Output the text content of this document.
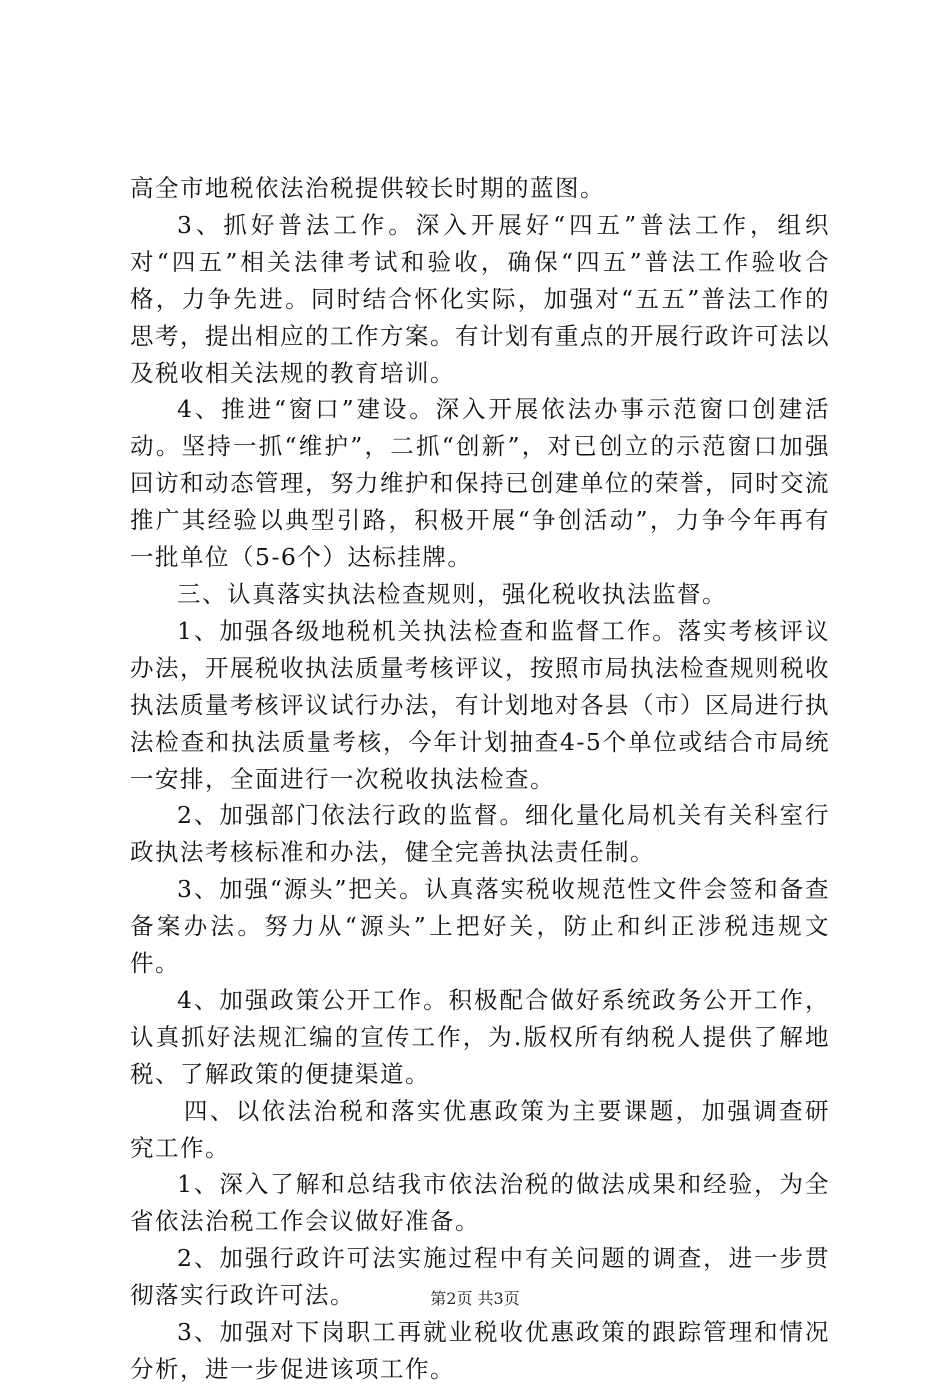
高全市地税依法治税提供较长时期的蓝图。

3、抓好普法工作。深入开展好“四五”普法工作，组织对“四五”相关法律考试和验收，确保“四五”普法工作验收合格，力争先进。同时结合怀化实际，加强对“五五”普法工作的思考，提出相应的工作方案。有计划有重点的开展行政许可法以及税收相关法规的教育培训。

4、推进“窗口”建设。深入开展依法办事示范窗口创建活动。坚持一抓“维护”，二抓“创新”，对已创立的示范窗口加强回访和动态管理，努力维护和保持已创建单位的荣誉，同时交流推广其经验以典型引路，积极开展“争创活动”，力争今年再有一批单位（5-6个）达标挂牌。

三、认真落实执法检查规则，强化税收执法监督。

1、加强各级地税机关执法检查和监督工作。落实考核评议办法，开展税收执法质量考核评议，按照市局执法检查规则税收执法质量考核评议试行办法，有计划地对各县（市）区局进行执法检查和执法质量考核，今年计划抽查4-5个单位或结合市局统一安排，全面进行一次税收执法检查。

2、加强部门依法行政的监督。细化量化局机关有关科室行政执法考核标准和办法，健全完善执法责任制。

3、加强“源头”把关。认真落实税收规范性文件会签和备查备案办法。努力从“源头”上把好关，防止和纠正涉税违规文件。

4、加强政策公开工作。积极配合做好系统政务公开工作，认真抓好法规汇编的宣传工作，为.版权所有纳税人提供了解地税、了解政策的便捷渠道。

四、以依法治税和落实优惠政策为主要课题，加强调查研究工作。

1、深入了解和总结我市依法治税的做法成果和经验，为全省依法治税工作会议做好准备。

2、加强行政许可法实施过程中有关问题的调查，进一步贯彻落实行政许可法。

3、加强对下岗职工再就业税收优惠政策的跟踪管理和情况分析，进一步促进该项工作。

第2页 共3页
